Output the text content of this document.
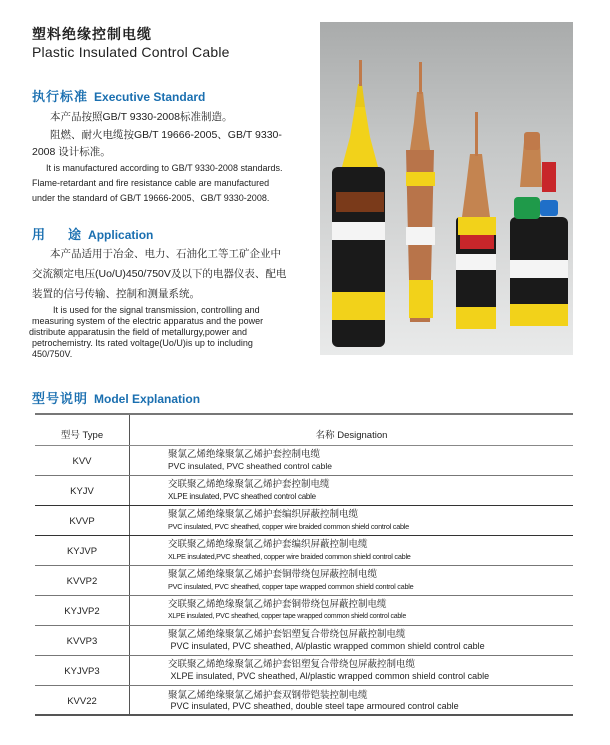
塑料绝缘控制电缆
Plastic Insulated Control Cable
执行标准 Executive Standard
本产品按照GB/T 9330-2008标准制造。
阻燃、耐火电缆按GB/T 19666-2005、GB/T 9330-
2008 设计标准。
It is manufactured according to GB/T 9330-2008 standards.
Flame-retardant and fire resistance cable are manufactured
under the standard of GB/T 19666-2005、GB/T 9330-2008.
用 途 Application
本产品适用于冶金、电力、石油化工等工矿企业中
交流额定电压(Uo/U)450/750V及以下的电器仪表、配电
装置的信号传输、控制和测量系统。
It is used for the signal transmission, controlling and
measuring system of the electric apparatus and the power
distribute apparatusin the field of metallurgy,power and
petrochemistry. Its rated voltage(Uo/U)is up to including
450/750V.
型号说明 Model Explanation
型号 Type	名称 Designation
KVV
聚氯乙烯绝缘聚氯乙烯护套控制电缆
PVC insulated, PVC sheathed control cable
KYJV
交联聚乙烯绝缘聚氯乙烯护套控制电缆
XLPE insulated, PVC sheathed control cable
KVVP
聚氯乙烯绝缘聚氯乙烯护套编织屏蔽控制电缆
PVC insulated, PVC sheathed, copper wire braided common shield control cable
KYJVP
交联聚乙烯绝缘聚氯乙烯护套编织屏蔽控制电缆
XLPE insulated,PVC sheathed, copper wire braided common shield control cable
KVVP2
聚氯乙烯绝缘聚氯乙烯护套铜带绕包屏蔽控制电缆
PVC insulated, PVC sheathed, copper tape wrapped common shield control cable
KYJVP2
交联聚乙烯绝缘聚氯乙烯护套铜带绕包屏蔽控制电缆
XLPE insulated, PVC sheathed, copper tape wrapped common shield control cable
KVVP3
聚氯乙烯绝缘聚氯乙烯护套铝塑复合带绕包屏蔽控制电缆
PVC insulated, PVC sheathed, Al/plastic wrapped common shield control cable
KYJVP3
交联聚乙烯绝缘聚氯乙烯护套铝塑复合带绕包屏蔽控制电缆
XLPE insulated, PVC sheathed, Al/plastic wrapped common shield control cable
KVV22
聚氯乙烯绝缘聚氯乙烯护套双钢带铠装控制电缆
PVC insulated, PVC sheathed, double steel tape armoured control cable
